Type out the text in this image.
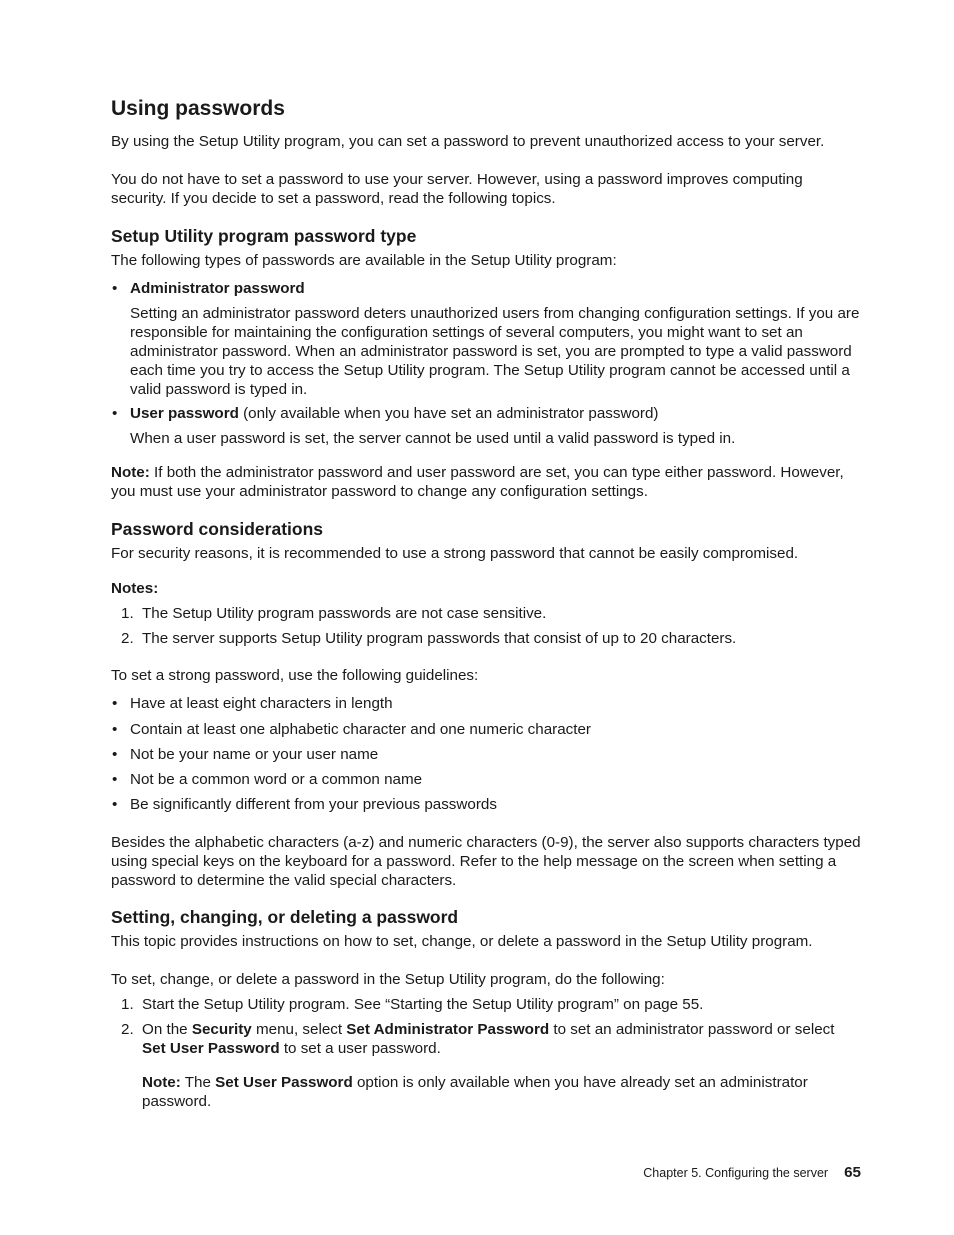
Using passwords

By using the Setup Utility program, you can set a password to prevent unauthorized access to your server.

You do not have to set a password to use your server. However, using a password improves computing security. If you decide to set a password, read the following topics.

Setup Utility program password type

The following types of passwords are available in the Setup Utility program:

• Administrator password

Setting an administrator password deters unauthorized users from changing configuration settings. If you are responsible for maintaining the configuration settings of several computers, you might want to set an administrator password. When an administrator password is set, you are prompted to type a valid password each time you try to access the Setup Utility program. The Setup Utility program cannot be accessed until a valid password is typed in.

• User password (only available when you have set an administrator password)

When a user password is set, the server cannot be used until a valid password is typed in.

Note: If both the administrator password and user password are set, you can type either password. However, you must use your administrator password to change any configuration settings.

Password considerations

For security reasons, it is recommended to use a strong password that cannot be easily compromised.

Notes:

1. The Setup Utility program passwords are not case sensitive.
2. The server supports Setup Utility program passwords that consist of up to 20 characters.

To set a strong password, use the following guidelines:

• Have at least eight characters in length
• Contain at least one alphabetic character and one numeric character
• Not be your name or your user name
• Not be a common word or a common name
• Be significantly different from your previous passwords

Besides the alphabetic characters (a-z) and numeric characters (0-9), the server also supports characters typed using special keys on the keyboard for a password. Refer to the help message on the screen when setting a password to determine the valid special characters.

Setting, changing, or deleting a password

This topic provides instructions on how to set, change, or delete a password in the Setup Utility program.

To set, change, or delete a password in the Setup Utility program, do the following:

1. Start the Setup Utility program. See “Starting the Setup Utility program” on page 55.
2. On the Security menu, select Set Administrator Password to set an administrator password or select Set User Password to set a user password.

Note: The Set User Password option is only available when you have already set an administrator password.

Chapter 5. Configuring the server 65
